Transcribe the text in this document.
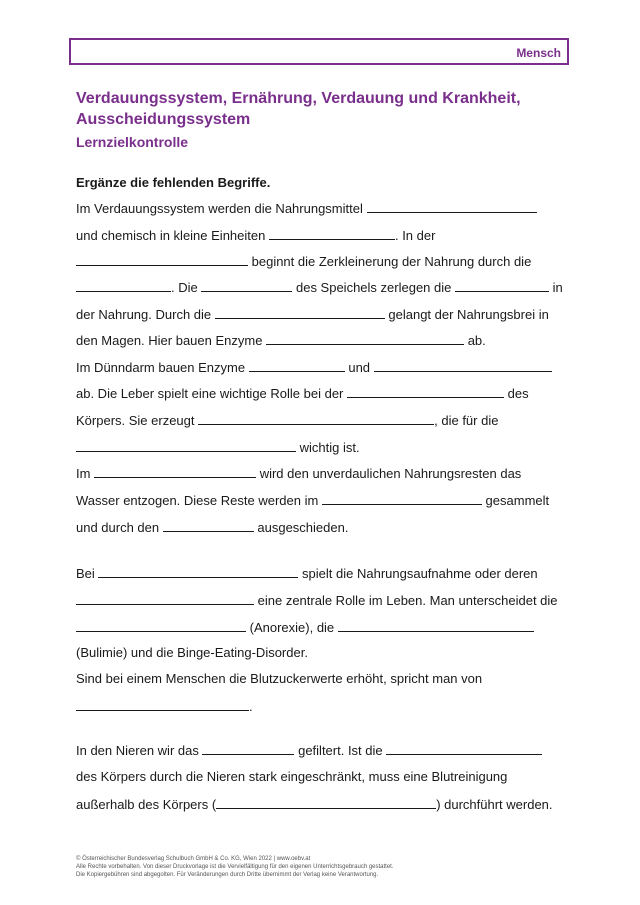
Mensch
Verdauungssystem, Ernährung, Verdauung und Krankheit, Ausscheidungssystem
Lernzielkontrolle
Ergänze die fehlenden Begriffe.
Im Verdauungssystem werden die Nahrungsmittel
und chemisch in kleine Einheiten	. In der
beginnt die Zerkleinerung der Nahrung durch die
. Die	des Speichels zerlegen die	in
der Nahrung. Durch die	gelangt der Nahrungsbrei in
den Magen. Hier bauen Enzyme	ab.
Im Dünndarm bauen Enzyme	und
ab. Die Leber spielt eine wichtige Rolle bei der	des
Körpers. Sie erzeugt	, die für die
wichtig ist.
Im	wird den unverdaulichen Nahrungsresten das
Wasser entzogen. Diese Reste werden im	gesammelt
und durch den	ausgeschieden.
Bei	spielt die Nahrungsaufnahme oder deren
eine zentrale Rolle im Leben. Man unterscheidet die
(Anorexie), die
(Bulimie) und die Binge-Eating-Disorder.
Sind bei einem Menschen die Blutzuckerwerte erhöht, spricht man von
.
In den Nieren wir das	gefiltert. Ist die
des Körpers durch die Nieren stark eingeschränkt, muss eine Blutreinigung
außerhalb des Körpers (	) durchführt werden.
© Österreichischer Bundesverlag Schulbuch GmbH & Co. KG, Wien 2022 | www.oebv.at
Alle Rechte vorbehalten. Von dieser Druckvorlage ist die Vervielfältigung für den eigenen Unterrichtsgebrauch gestattet.
Die Kopiergebühren sind abgegolten. Für Veränderungen durch Dritte übernimmt der Verlag keine Verantwortung.
